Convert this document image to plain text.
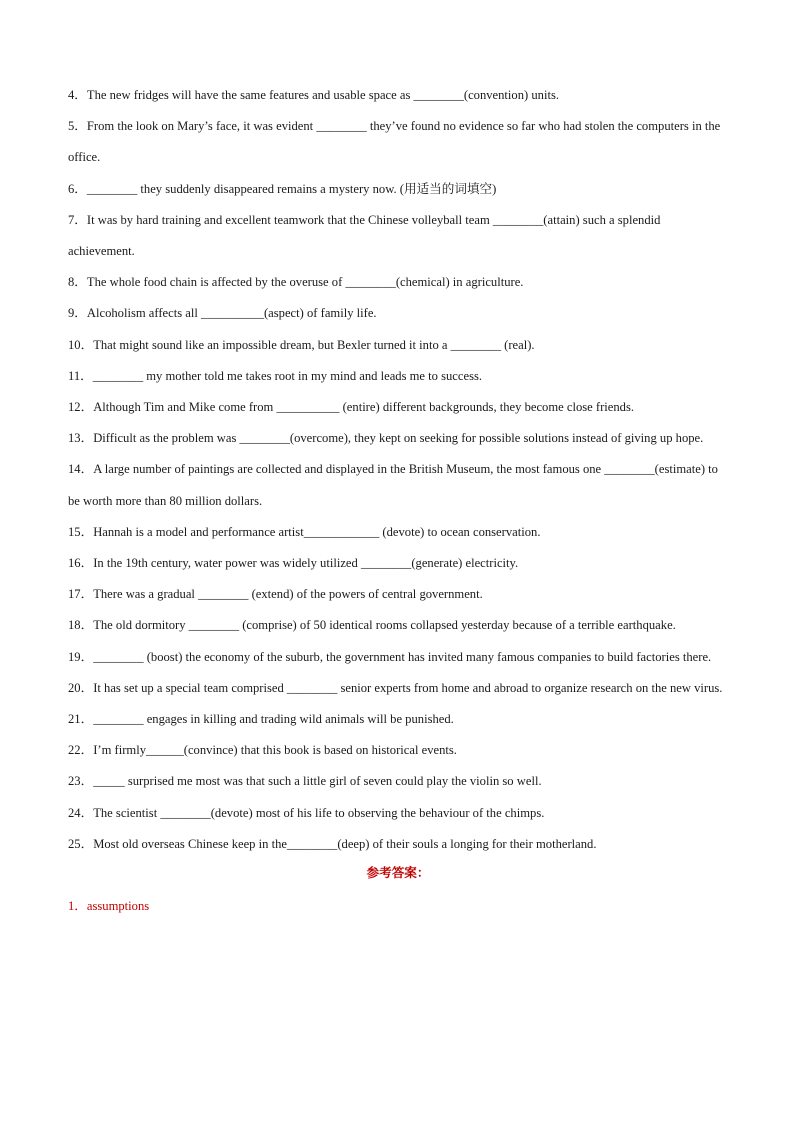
4．The new fridges will have the same features and usable space as ________(convention) units.

5．From the look on Mary’s face, it was evident ________ they’ve found no evidence so far who had stolen the computers in the office.

6．________ they suddenly disappeared remains a mystery now. (用适当的词填空)

7．It was by hard training and excellent teamwork that the Chinese volleyball team ________(attain) such a splendid achievement.

8．The whole food chain is affected by the overuse of ________(chemical) in agriculture.

9．Alcoholism affects all __________(aspect) of family life.

10．That might sound like an impossible dream, but Bexler turned it into a ________ (real).

11．________ my mother told me takes root in my mind and leads me to success.

12．Although Tim and Mike come from __________ (entire) different backgrounds, they become close friends.

13．Difficult as the problem was ________(overcome), they kept on seeking for possible solutions instead of giving up hope.

14．A large number of paintings are collected and displayed in the British Museum, the most famous one ________(estimate) to be worth more than 80 million dollars.

15．Hannah is a model and performance artist____________ (devote) to ocean conservation.

16．In the 19th century, water power was widely utilized ________(generate) electricity.

17．There was a gradual ________ (extend) of the powers of central government.

18．The old dormitory ________ (comprise) of 50 identical rooms collapsed yesterday because of a terrible earthquake.

19．________ (boost) the economy of the suburb, the government has invited many famous companies to build factories there.

20．It has set up a special team comprised ________ senior experts from home and abroad to organize research on the new virus.

21．________ engages in killing and trading wild animals will be punished.

22．I’m firmly______(convince) that this book is based on historical events.

23．_____ surprised me most was that such a little girl of seven could play the violin so well.

24．The scientist ________(devote) most of his life to observing the behaviour of the chimps.

25．Most old overseas Chinese keep in the________(deep) of their souls a longing for their motherland.

参考答案：
1．assumptions
